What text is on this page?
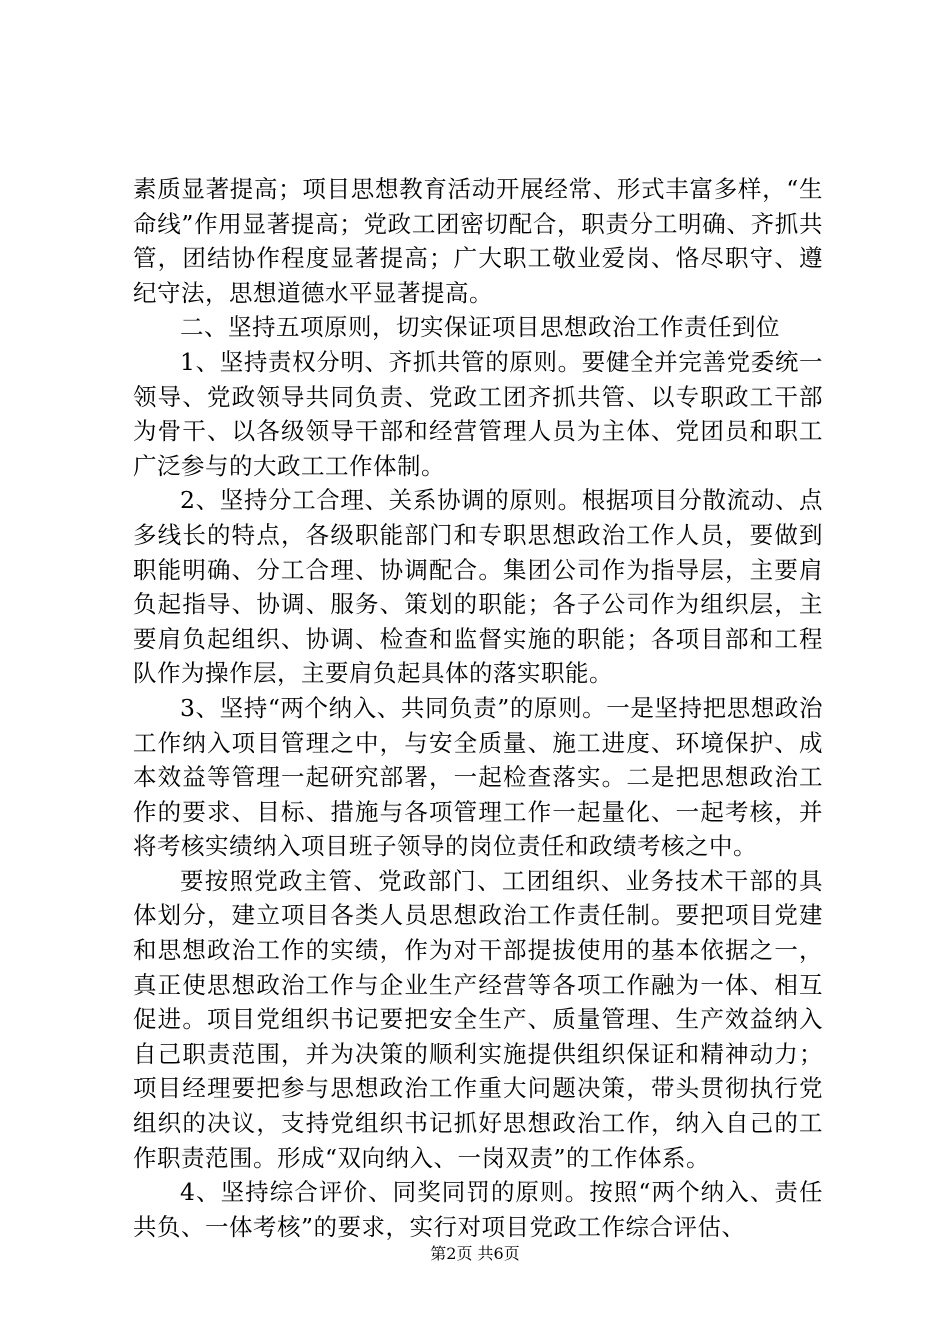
素质显著提高；项目思想教育活动开展经常、形式丰富多样，“生命线”作用显著提高；党政工团密切配合，职责分工明确、齐抓共管，团结协作程度显著提高；广大职工敬业爱岗、恪尽职守、遵纪守法，思想道德水平显著提高。

二、坚持五项原则，切实保证项目思想政治工作责任到位

1、坚持责权分明、齐抓共管的原则。要健全并完善党委统一领导、党政领导共同负责、党政工团齐抓共管、以专职政工干部为骨干、以各级领导干部和经营管理人员为主体、党团员和职工广泛参与的大政工工作体制。

2、坚持分工合理、关系协调的原则。根据项目分散流动、点多线长的特点，各级职能部门和专职思想政治工作人员，要做到职能明确、分工合理、协调配合。集团公司作为指导层，主要肩负起指导、协调、服务、策划的职能；各子公司作为组织层，主要肩负起组织、协调、检查和监督实施的职能；各项目部和工程队作为操作层，主要肩负起具体的落实职能。

3、坚持“两个纳入、共同负责”的原则。一是坚持把思想政治工作纳入项目管理之中，与安全质量、施工进度、环境保护、成本效益等管理一起研究部署，一起检查落实。二是把思想政治工作的要求、目标、措施与各项管理工作一起量化、一起考核，并将考核实绩纳入项目班子领导的岗位责任和政绩考核之中。

要按照党政主管、党政部门、工团组织、业务技术干部的具体划分，建立项目各类人员思想政治工作责任制。要把项目党建和思想政治工作的实绩，作为对干部提拔使用的基本依据之一，真正使思想政治工作与企业生产经营等各项工作融为一体、相互促进。项目党组织书记要把安全生产、质量管理、生产效益纳入自己职责范围，并为决策的顺利实施提供组织保证和精神动力；项目经理要把参与思想政治工作重大问题决策，带头贯彻执行党组织的决议，支持党组织书记抓好思想政治工作，纳入自己的工作职责范围。形成“双向纳入、一岗双责”的工作体系。

4、坚持综合评价、同奖同罚的原则。按照“两个纳入、责任共负、一体考核”的要求，实行对项目党政工作综合评估、

第2页 共6页
